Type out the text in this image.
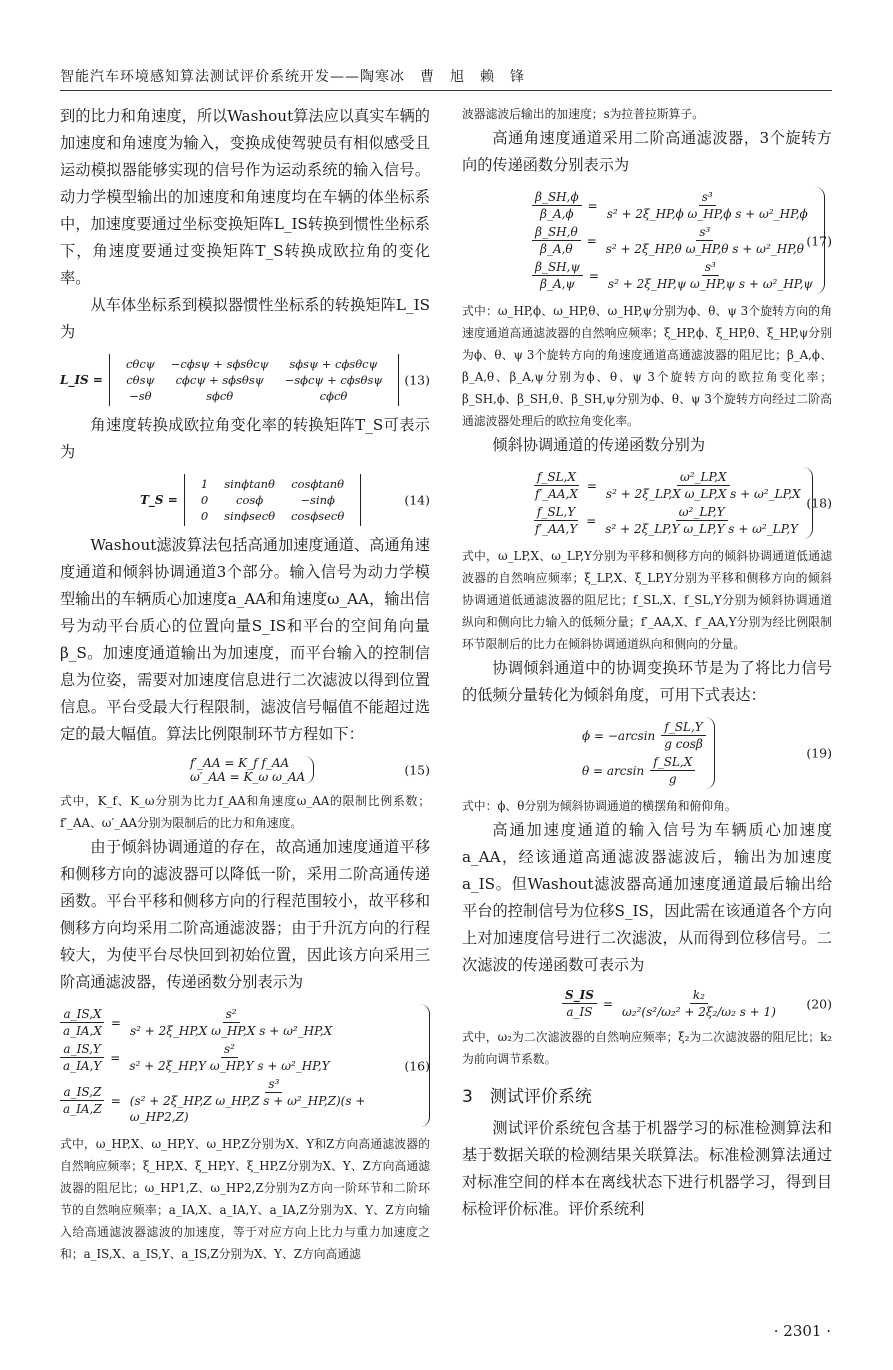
智能汽车环境感知算法测试评价系统开发——陶寒冰　曹　旭　赖　锋

到的比力和角速度，所以Washout算法应以真实车辆的加速度和角速度为输入，变换成使驾驶员有相似感受且运动模拟器能够实现的信号作为运动系统的输入信号。动力学模型输出的加速度和角速度均在车辆的体坐标系中，加速度要通过坐标变换矩阵L_IS转换到惯性坐标系下，角速度要通过变换矩阵T_S转换成欧拉角的变化率。

从车体坐标系到模拟器惯性坐标系的转换矩阵L_IS为

L_IS =
cθcψ	−cϕsψ + sϕsθcψ	sϕsψ + cϕsθcψ
cθsψ	cϕcψ + sϕsθsψ	−sϕcψ + cϕsθsψ
−sθ	sϕcθ	cϕcθ
(13)

角速度转换成欧拉角变化率的转换矩阵T_S可表示为

T_S =
1	sinϕtanθ	cosϕtanθ
0	cosϕ	−sinϕ
0	sinϕsecθ	cosϕsecθ
(14)

Washout滤波算法包括高通加速度通道、高通角速度通道和倾斜协调通道3个部分。输入信号为动力学模型输出的车辆质心加速度a_AA和角速度ω_AA，输出信号为动平台质心的位置向量S_IS和平台的空间角向量β_S。加速度通道输出为加速度，而平台输入的控制信息为位姿，需要对加速度信息进行二次滤波以得到位置信息。平台受最大行程限制，滤波信号幅值不能超过选定的最大幅值。算法比例限制环节方程如下：

f′_AA = K_f f_AA
ω′_AA = K_ω ω_AA	(15)

式中，K_f、K_ω分别为比力f_AA和角速度ω_AA的限制比例系数；f′_AA、ω′_AA分别为限制后的比力和角速度。

由于倾斜协调通道的存在，故高通加速度通道平移和侧移方向的滤波器可以降低一阶，采用二阶高通传递函数。平台平移和侧移方向的行程范围较小，故平移和侧移方向均采用二阶高通滤波器；由于升沉方向的行程较大，为使平台尽快回到初始位置，因此该方向采用三阶高通滤波器，传递函数分别表示为

$\frac{a\_IS,X}{a\_IA,X} = \frac{\text{s²}}{\text{s² + 2ξ\_HP,X ω\_HP,X s + ω²\_HP,X}}$
$\frac{a\_IS,Y}{a\_IA,Y} = \frac{\text{s²}}{\text{s² + 2ξ\_HP,Y ω\_HP,Y s + ω²\_HP,Y}}$
$\frac{a\_IS,Z}{a\_IA,Z} = \frac{\text{s³}}{\text{(s² + 2ξ\_HP,Z ω\_HP,Z s + ω²\_HP,Z)(s + ω\_HP2,Z)}}$
(16)

式中，ω_HP,X、ω_HP,Y、ω_HP,Z分别为X、Y和Z方向高通滤波器的自然响应频率；ξ_HP,X、ξ_HP,Y、ξ_HP,Z分别为X、Y、Z方向高通滤波器的阻尼比；ω_HP1,Z、ω_HP2,Z分别为Z方向一阶环节和二阶环节的自然响应频率；a_IA,X、a_IA,Y、a_IA,Z分别为X、Y、Z方向输入给高通滤波器滤波的加速度，等于对应方向上比力与重力加速度之和；a_IS,X、a_IS,Y、a_IS,Z分别为X、Y、Z方向高通滤

波器滤波后输出的加速度；s为拉普拉斯算子。

高通角速度通道采用二阶高通滤波器，3个旋转方向的传递函数分别表示为

$\frac{\beta\_SH,\phi}{\beta\_A,\phi} = \frac{\text{s³}}{\text{s² + 2ξ\_HP,ϕ ω\_HP,ϕ s + ω²\_HP,ϕ}}$
$\frac{\beta\_SH,\theta}{\beta\_A,\theta} = \frac{\text{s³}}{\text{s² + 2ξ\_HP,θ ω\_HP,θ s + ω²\_HP,θ}}$
$\frac{\beta\_SH,\psi}{\beta\_A,\psi} = \frac{\text{s³}}{\text{s² + 2ξ\_HP,ψ ω\_HP,ψ s + ω²\_HP,ψ}}$
(17)

式中：ω_HP,ϕ、ω_HP,θ、ω_HP,ψ分别为ϕ、θ、ψ 3个旋转方向的角速度通道高通滤波器的自然响应频率；ξ_HP,ϕ、ξ_HP,θ、ξ_HP,ψ分别为ϕ、θ、ψ 3个旋转方向的角速度通道高通滤波器的阻尼比；β_A,ϕ、β_A,θ、β_A,ψ分别为ϕ、θ、ψ 3个旋转方向的欧拉角变化率；β_SH,ϕ、β_SH,θ、β_SH,ψ分别为ϕ、θ、ψ 3个旋转方向经过二阶高通滤波器处理后的欧拉角变化率。

倾斜协调通道的传递函数分别为

$\frac{f\_SL,X}{f'\_AA,X} = \frac{\text{ω²\_LP,X}}{\text{s² + 2ξ\_LP,X ω\_LP,X s + ω²\_LP,X}}$
$\frac{f\_SL,Y}{f'\_AA,Y} = \frac{\text{ω²\_LP,Y}}{\text{s² + 2ξ\_LP,Y ω\_LP,Y s + ω²\_LP,Y}}$
(18)

式中，ω_LP,X、ω_LP,Y分别为平移和侧移方向的倾斜协调通道低通滤波器的自然响应频率；ξ_LP,X、ξ_LP,Y分别为平移和侧移方向的倾斜协调通道低通滤波器的阻尼比；f_SL,X、f_SL,Y分别为倾斜协调通道纵向和侧向比力输入的低频分量；f′_AA,X、f′_AA,Y分别为经比例限制环节限制后的比力在倾斜协调通道纵向和侧向的分量。

协调倾斜通道中的协调变换环节是为了将比力信号的低频分量转化为倾斜角度，可用下式表达：

$\phi = -\arcsin \frac{f\_SL,Y}{\text{g cosβ}}$
$\theta = \arcsin \frac{f\_SL,X}{g}$
(19)

式中：ϕ、θ分别为倾斜协调通道的横摆角和俯仰角。

高通加速度通道的输入信号为车辆质心加速度a_AA，经该通道高通滤波器滤波后，输出为加速度a_IS。但Washout滤波器高通加速度通道最后输出给平台的控制信号为位移S_IS，因此需在该通道各个方向上对加速度信号进行二次滤波，从而得到位移信号。二次滤波的传递函数可表示为

$\frac{S\_IS}{a\_IS} = \frac{\text{k₂}}{\text{ω₂²(s²/ω₂² + 2ξ₂/ω₂ s + 1)}} (20)$

式中，ω₂为二次滤波器的自然响应频率；ξ₂为二次滤波器的阻尼比；k₂为前向调节系数。

3　测试评价系统

测试评价系统包含基于机器学习的标准检测算法和基于数据关联的检测结果关联算法。标准检测算法通过对标准空间的样本在离线状态下进行机器学习，得到目标检评价标准。评价系统利

· 2301 ·
